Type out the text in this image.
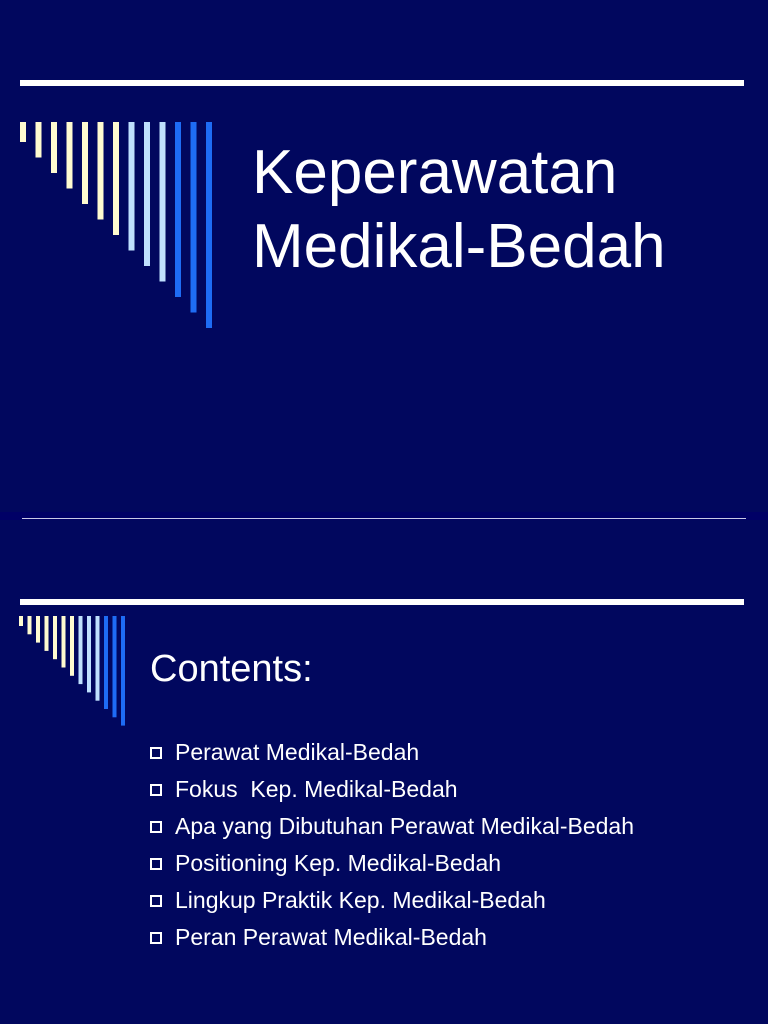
Keperawatan
Medikal-Bedah
Contents:
Perawat Medikal-Bedah
Fokus  Kep. Medikal-Bedah
Apa yang Dibutuhan Perawat Medikal-Bedah
Positioning Kep. Medikal-Bedah
Lingkup Praktik Kep. Medikal-Bedah
Peran Perawat Medikal-Bedah
